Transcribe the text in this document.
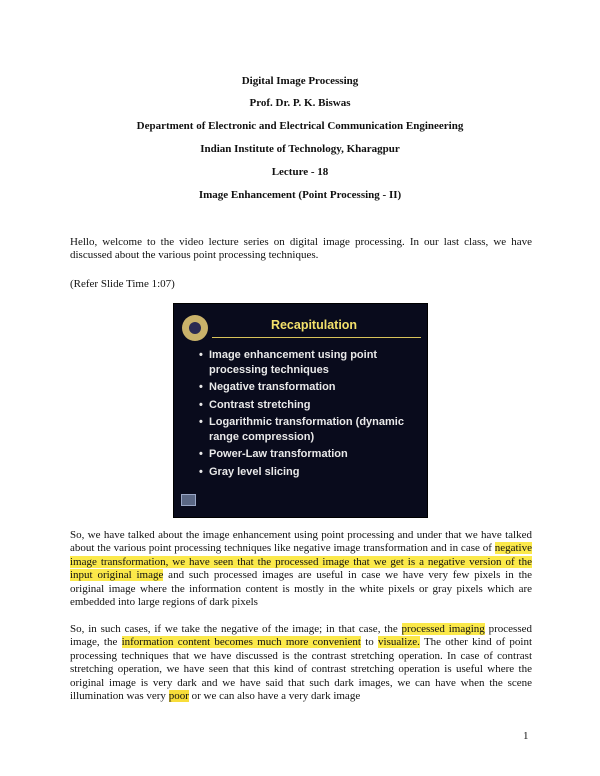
Digital Image Processing
Prof. Dr. P. K. Biswas
Department of Electronic and Electrical Communication Engineering
Indian Institute of Technology, Kharagpur
Lecture - 18
Image Enhancement (Point Processing - II)
Hello, welcome to the video lecture series on digital image processing. In our last class, we have discussed about the various point processing techniques.
(Refer Slide Time 1:07)
Recapitulation
• Image enhancement using point processing techniques
• Negative transformation
• Contrast stretching
• Logarithmic transformation (dynamic range compression)
• Power-Law transformation
• Gray level slicing
So, we have talked about the image enhancement using point processing and under that we have talked about the various point processing techniques like negative image transformation and in case of negative image transformation, we have seen that the processed image that we get is a negative version of the input original image and such processed images are useful in case we have very few pixels in the original image where the information content is mostly in the white pixels or gray pixels which are embedded into large regions of dark pixels
So, in such cases, if we take the negative of the image; in that case, the processed imaging processed image, the information content becomes much more convenient to visualize. The other kind of point processing techniques that we have discussed is the contrast stretching operation. In case of contrast stretching operation, we have seen that this kind of contrast stretching operation is useful where the original image is very dark and we have said that such dark images, we can have when the scene illumination was very poor or we can also have a very dark image
1
